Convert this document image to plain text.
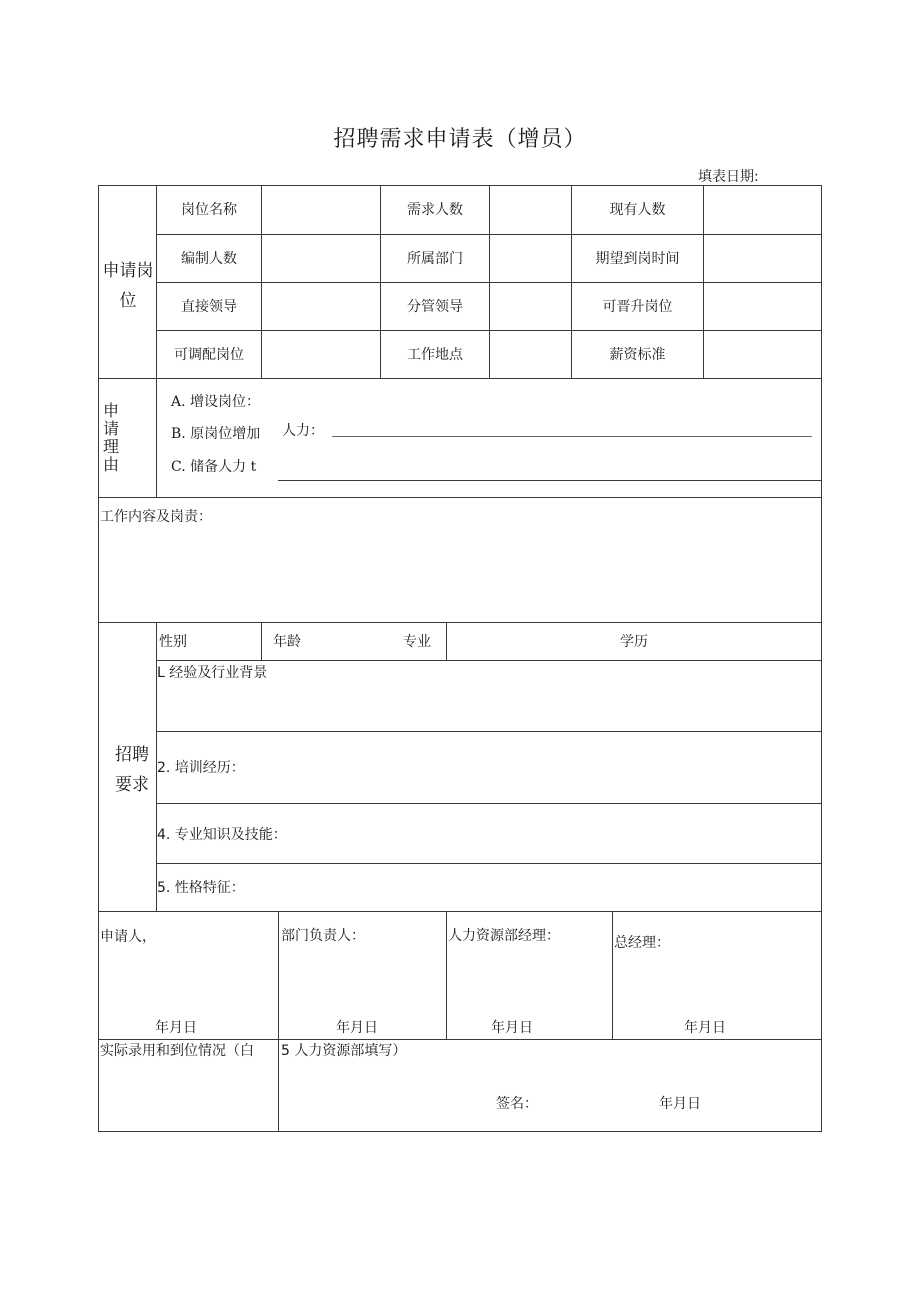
招聘需求申请表（增员）
填表日期:
申请岗位
岗位名称	需求人数	现有人数
编制人数	所属部门	期望到岗时间
直接领导	分管领导	可晋升岗位
可调配岗位	工作地点	薪资标准
申请理由
A. 增设岗位：
B. 原岗位增加 人力：
C. 储备人力 t
工作内容及岗责：
招聘要求
性别	年龄	专业	学历
L 经验及行业背景
2. 培训经历：
4. 专业知识及技能：
5. 性格特征：
申请人，	部门负责人：	人力资源部经理：	总经理：
年月日	年月日	年月日	年月日
实际录用和到位情况（白 5 人力资源部填写）
签名：	年月日
